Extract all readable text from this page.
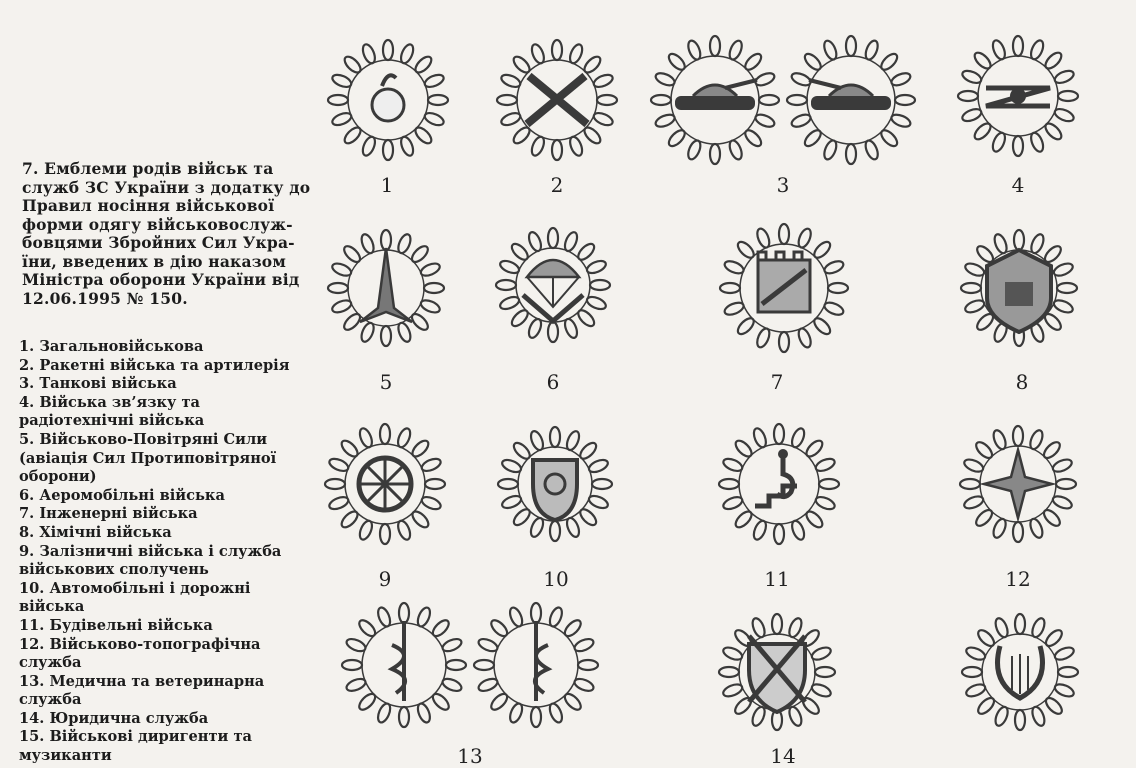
7. Емблеми родів військ та служб ЗС України з додатку до Правил носіння військової форми одягу військовослуж-бовцями Збройних Сил Укра-їни, введених в дію наказом Міністра оборони України від 12.06.1995 № 150.

1. Загальновійськова
2. Ракетні війська та артилерія
3. Танкові війська
4. Війська зв’язку та радіотехнічні війська
5. Військово-Повітряні Сили (авіація Сил Протиповітряної оборони)
6. Аеромобільні війська
7. Інженерні війська
8. Хімічні війська
9. Залізничні війська і служба військових сполучень
10. Автомобільні і дорожні війська
11. Будівельні війська
12. Військово-топографічна служба
13. Медична та ветеринарна служба
14. Юридична служба
15. Військові диригенти та музиканти
1	2	3	4
5	6	7	8
9	10	11	12
13	14
